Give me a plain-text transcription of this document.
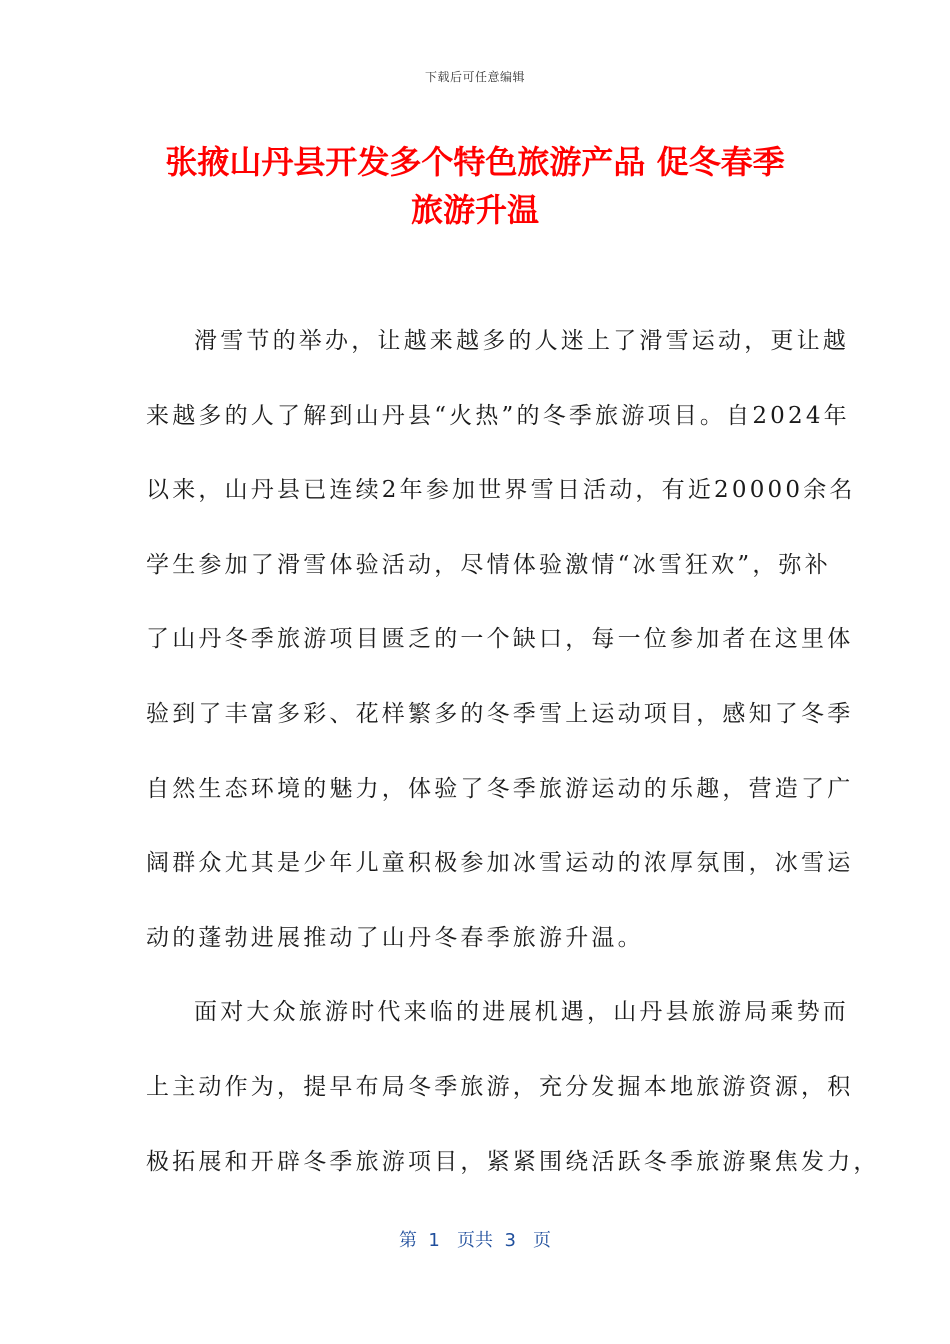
下载后可任意编辑
张掖山丹县开发多个特色旅游产品 促冬春季
旅游升温
滑雪节的举办，让越来越多的人迷上了滑雪运动，更让越
来越多的人了解到山丹县“火热”的冬季旅游项目。自2024年
以来，山丹县已连续2年参加世界雪日活动，有近20000余名
学生参加了滑雪体验活动，尽情体验激情“冰雪狂欢”，弥补
了山丹冬季旅游项目匮乏的一个缺口，每一位参加者在这里体
验到了丰富多彩、花样繁多的冬季雪上运动项目，感知了冬季
自然生态环境的魅力，体验了冬季旅游运动的乐趣，营造了广
阔群众尤其是少年儿童积极参加冰雪运动的浓厚氛围，冰雪运
动的蓬勃进展推动了山丹冬春季旅游升温。
面对大众旅游时代来临的进展机遇，山丹县旅游局乘势而
上主动作为，提早布局冬季旅游，充分发掘本地旅游资源，积
极拓展和开辟冬季旅游项目，紧紧围绕活跃冬季旅游聚焦发力，
第  1   页共  3   页
